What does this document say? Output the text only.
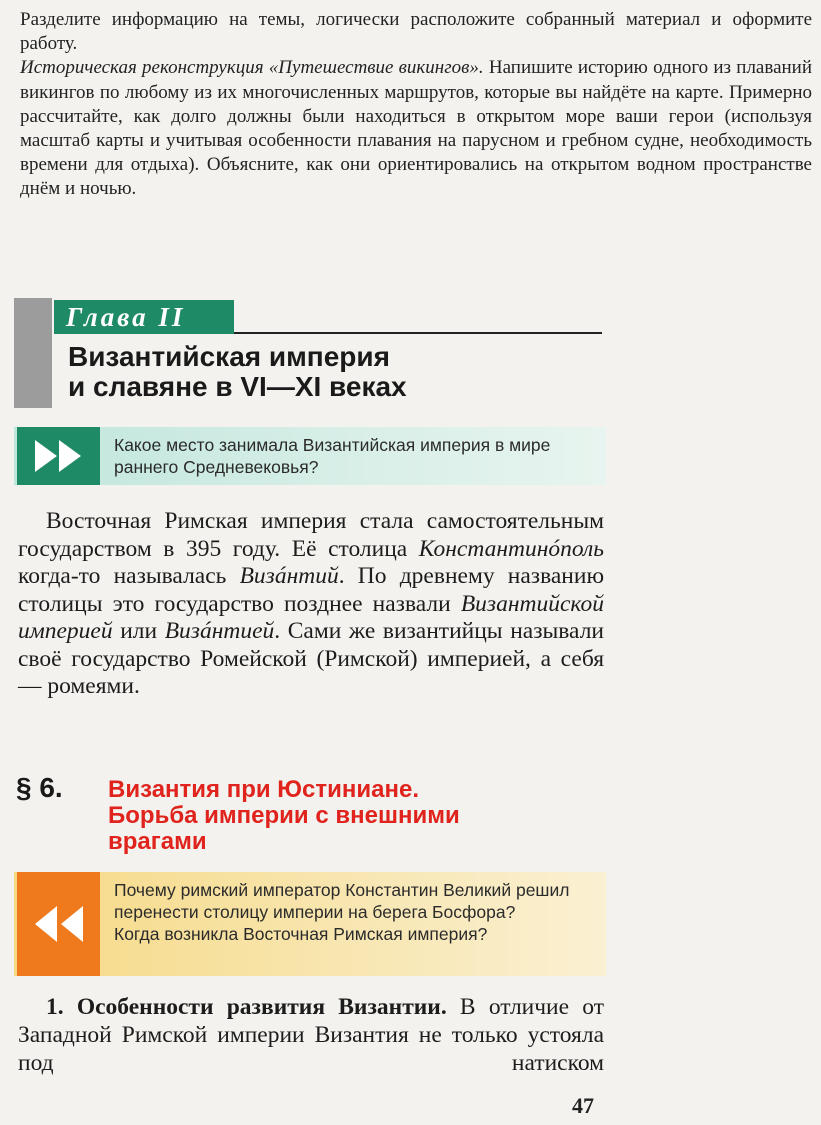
Разделите информацию на темы, логически расположите собранный материал и оформите работу.

Историческая реконструкция «Путешествие викингов». Напишите историю одного из плаваний викингов по любому из их многочисленных маршрутов, которые вы найдёте на карте. Примерно рассчитайте, как долго должны были находиться в открытом море ваши герои (используя масштаб карты и учитывая особенности плавания на парусном и гребном судне, необходимость времени для отдыха). Объясните, как они ориентировались на открытом водном пространстве днём и ночью.

Глава II
Византийская империя
и славяне в VI—XI веках
Какое место занимала Византийская империя в мире раннего Средневековья?

Восточная Римская империя стала самостоятельным государством в 395 году. Её столица Константинóполь когда-то называлась Визáнтий. По древнему названию столицы это государство позднее назвали Византийской империей или Визáнтией. Сами же византийцы называли своё государство Ромейской (Римской) империей, а себя — ромеями.

§ 6. Византия при Юстиниане.
Борьба империи с внешними
врагами
Почему римский император Константин Великий решил перенести столицу империи на берега Босфора?
Когда возникла Восточная Римская империя?

1. Особенности развития Византии. В отличие от Западной Римской империи Византия не только устояла под натиском

47
